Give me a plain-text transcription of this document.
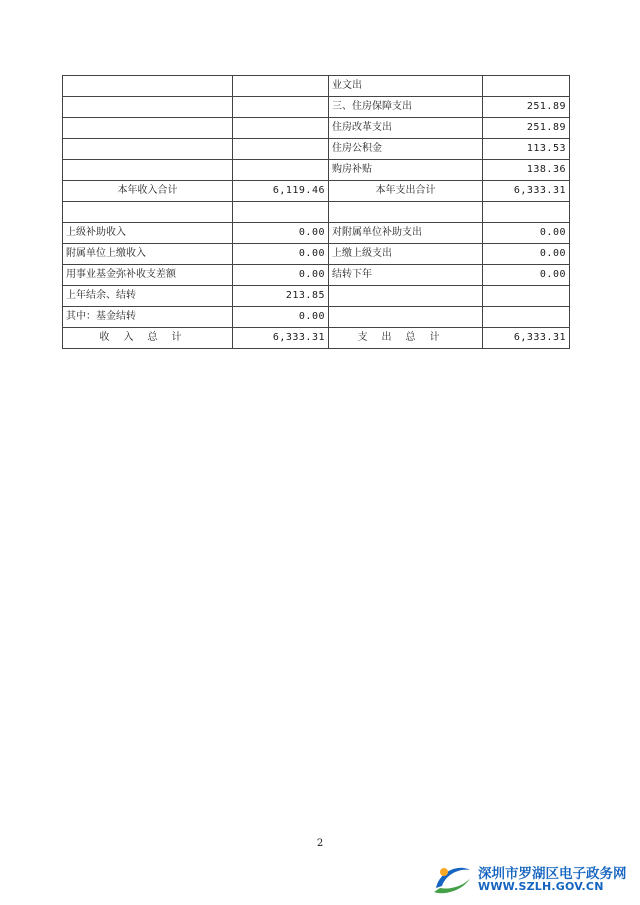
		业文出	
		三、住房保障支出	251.89
		住房改革支出	251.89
		住房公积金	113.53
		购房补贴	138.36
本年收入合计	6,119.46	本年支出合计	6,333.31

上级补助收入	0.00	对附属单位补助支出	0.00
附属单位上缴收入	0.00	上缴上级支出	0.00
用事业基金弥补收支差额	0.00	结转下年	0.00
上年结余、结转	213.85		
其中：基金结转	0.00		
收入总计	6,333.31	支出总计	6,333.31
2
深圳市罗湖区电子政务网
WWW.SZLH.GOV.CN
